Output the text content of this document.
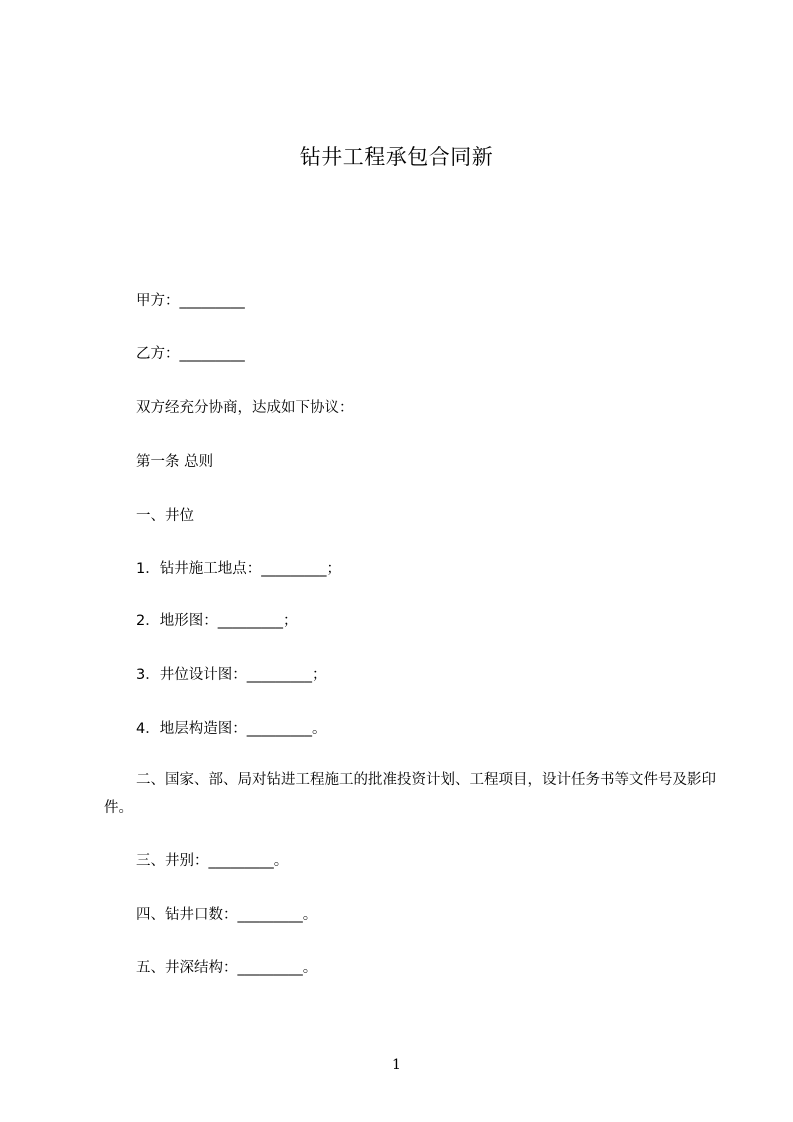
钻井工程承包合同新
甲方：_________
乙方：_________
双方经充分协商，达成如下协议：
第一条 总则
一、井位
1．钻井施工地点：_________；
2．地形图：_________；
3．井位设计图：_________；
4．地层构造图：_________。
二、国家、部、局对钻进工程施工的批准投资计划、工程项目，设计任务书等文件号及影印件。
三、井别：_________。
四、钻井口数：_________。
五、井深结构：_________。
1
